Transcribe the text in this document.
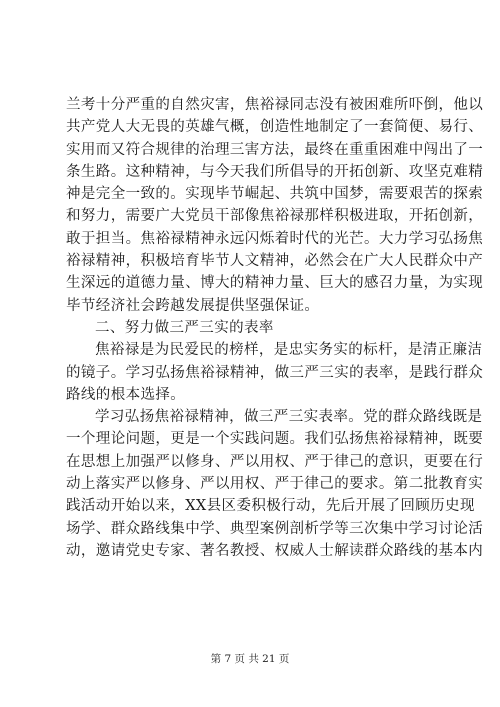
兰考十分严重的自然灾害，焦裕禄同志没有被困难所吓倒，他以
共产党人大无畏的英雄气概，创造性地制定了一套简便、易行、
实用而又符合规律的治理三害方法，最终在重重困难中闯出了一
条生路。这种精神，与今天我们所倡导的开拓创新、攻坚克难精
神是完全一致的。实现毕节崛起、共筑中国梦，需要艰苦的探索
和努力，需要广大党员干部像焦裕禄那样积极进取，开拓创新，
敢于担当。焦裕禄精神永远闪烁着时代的光芒。大力学习弘扬焦
裕禄精神，积极培育毕节人文精神，必然会在广大人民群众中产
生深远的道德力量、博大的精神力量、巨大的感召力量，为实现
毕节经济社会跨越发展提供坚强保证。
二、努力做三严三实的表率
焦裕禄是为民爱民的榜样，是忠实务实的标杆，是清正廉洁
的镜子。学习弘扬焦裕禄精神，做三严三实的表率，是践行群众
路线的根本选择。
学习弘扬焦裕禄精神，做三严三实表率。党的群众路线既是
一个理论问题，更是一个实践问题。我们弘扬焦裕禄精神，既要
在思想上加强严以修身、严以用权、严于律己的意识，更要在行
动上落实严以修身、严以用权、严于律己的要求。第二批教育实
践活动开始以来，XX县区委积极行动，先后开展了回顾历史现
场学、群众路线集中学、典型案例剖析学等三次集中学习讨论活
动，邀请党史专家、著名教授、权威人士解读群众路线的基本内
第 7 页 共 21 页
